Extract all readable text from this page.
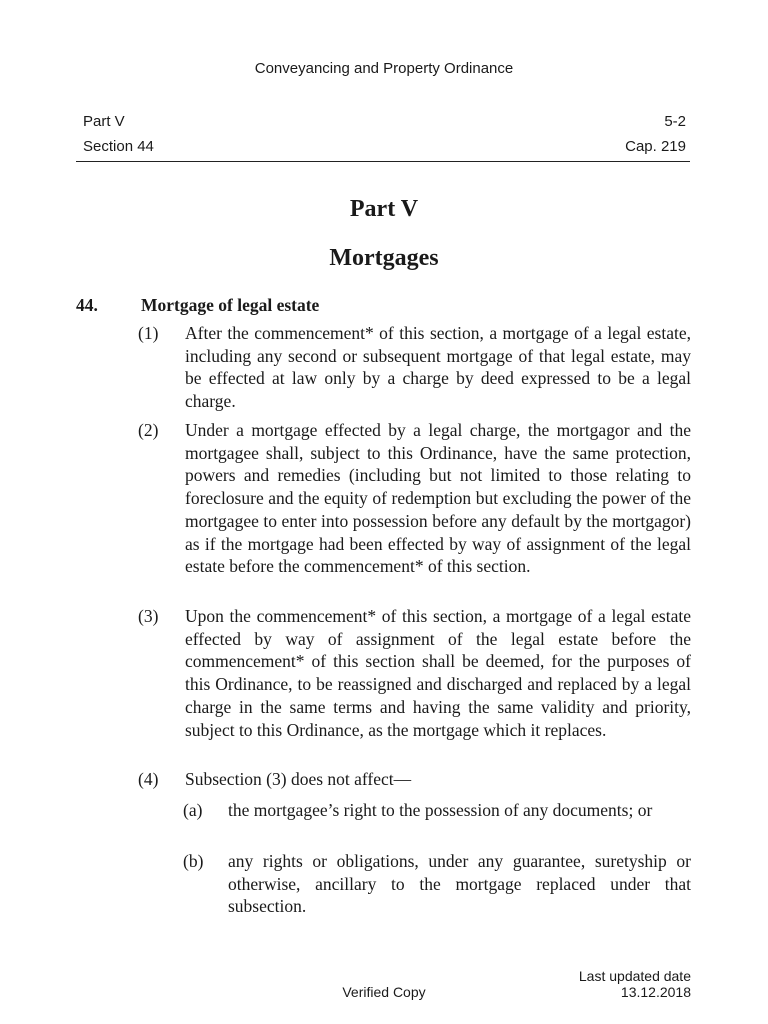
Conveyancing and Property Ordinance
Part V	5-2
Section 44	Cap. 219
Part V
Mortgages
44. Mortgage of legal estate
(1) After the commencement* of this section, a mortgage of a legal estate, including any second or subsequent mortgage of that legal estate, may be effected at law only by a charge by deed expressed to be a legal charge.
(2) Under a mortgage effected by a legal charge, the mortgagor and the mortgagee shall, subject to this Ordinance, have the same protection, powers and remedies (including but not limited to those relating to foreclosure and the equity of redemption but excluding the power of the mortgagee to enter into possession before any default by the mortgagor) as if the mortgage had been effected by way of assignment of the legal estate before the commencement* of this section.
(3) Upon the commencement* of this section, a mortgage of a legal estate effected by way of assignment of the legal estate before the commencement* of this section shall be deemed, for the purposes of this Ordinance, to be reassigned and discharged and replaced by a legal charge in the same terms and having the same validity and priority, subject to this Ordinance, as the mortgage which it replaces.
(4) Subsection (3) does not affect—
(a) the mortgagee’s right to the possession of any documents; or
(b) any rights or obligations, under any guarantee, suretyship or otherwise, ancillary to the mortgage replaced under that subsection.
Verified Copy
Last updated date
13.12.2018
